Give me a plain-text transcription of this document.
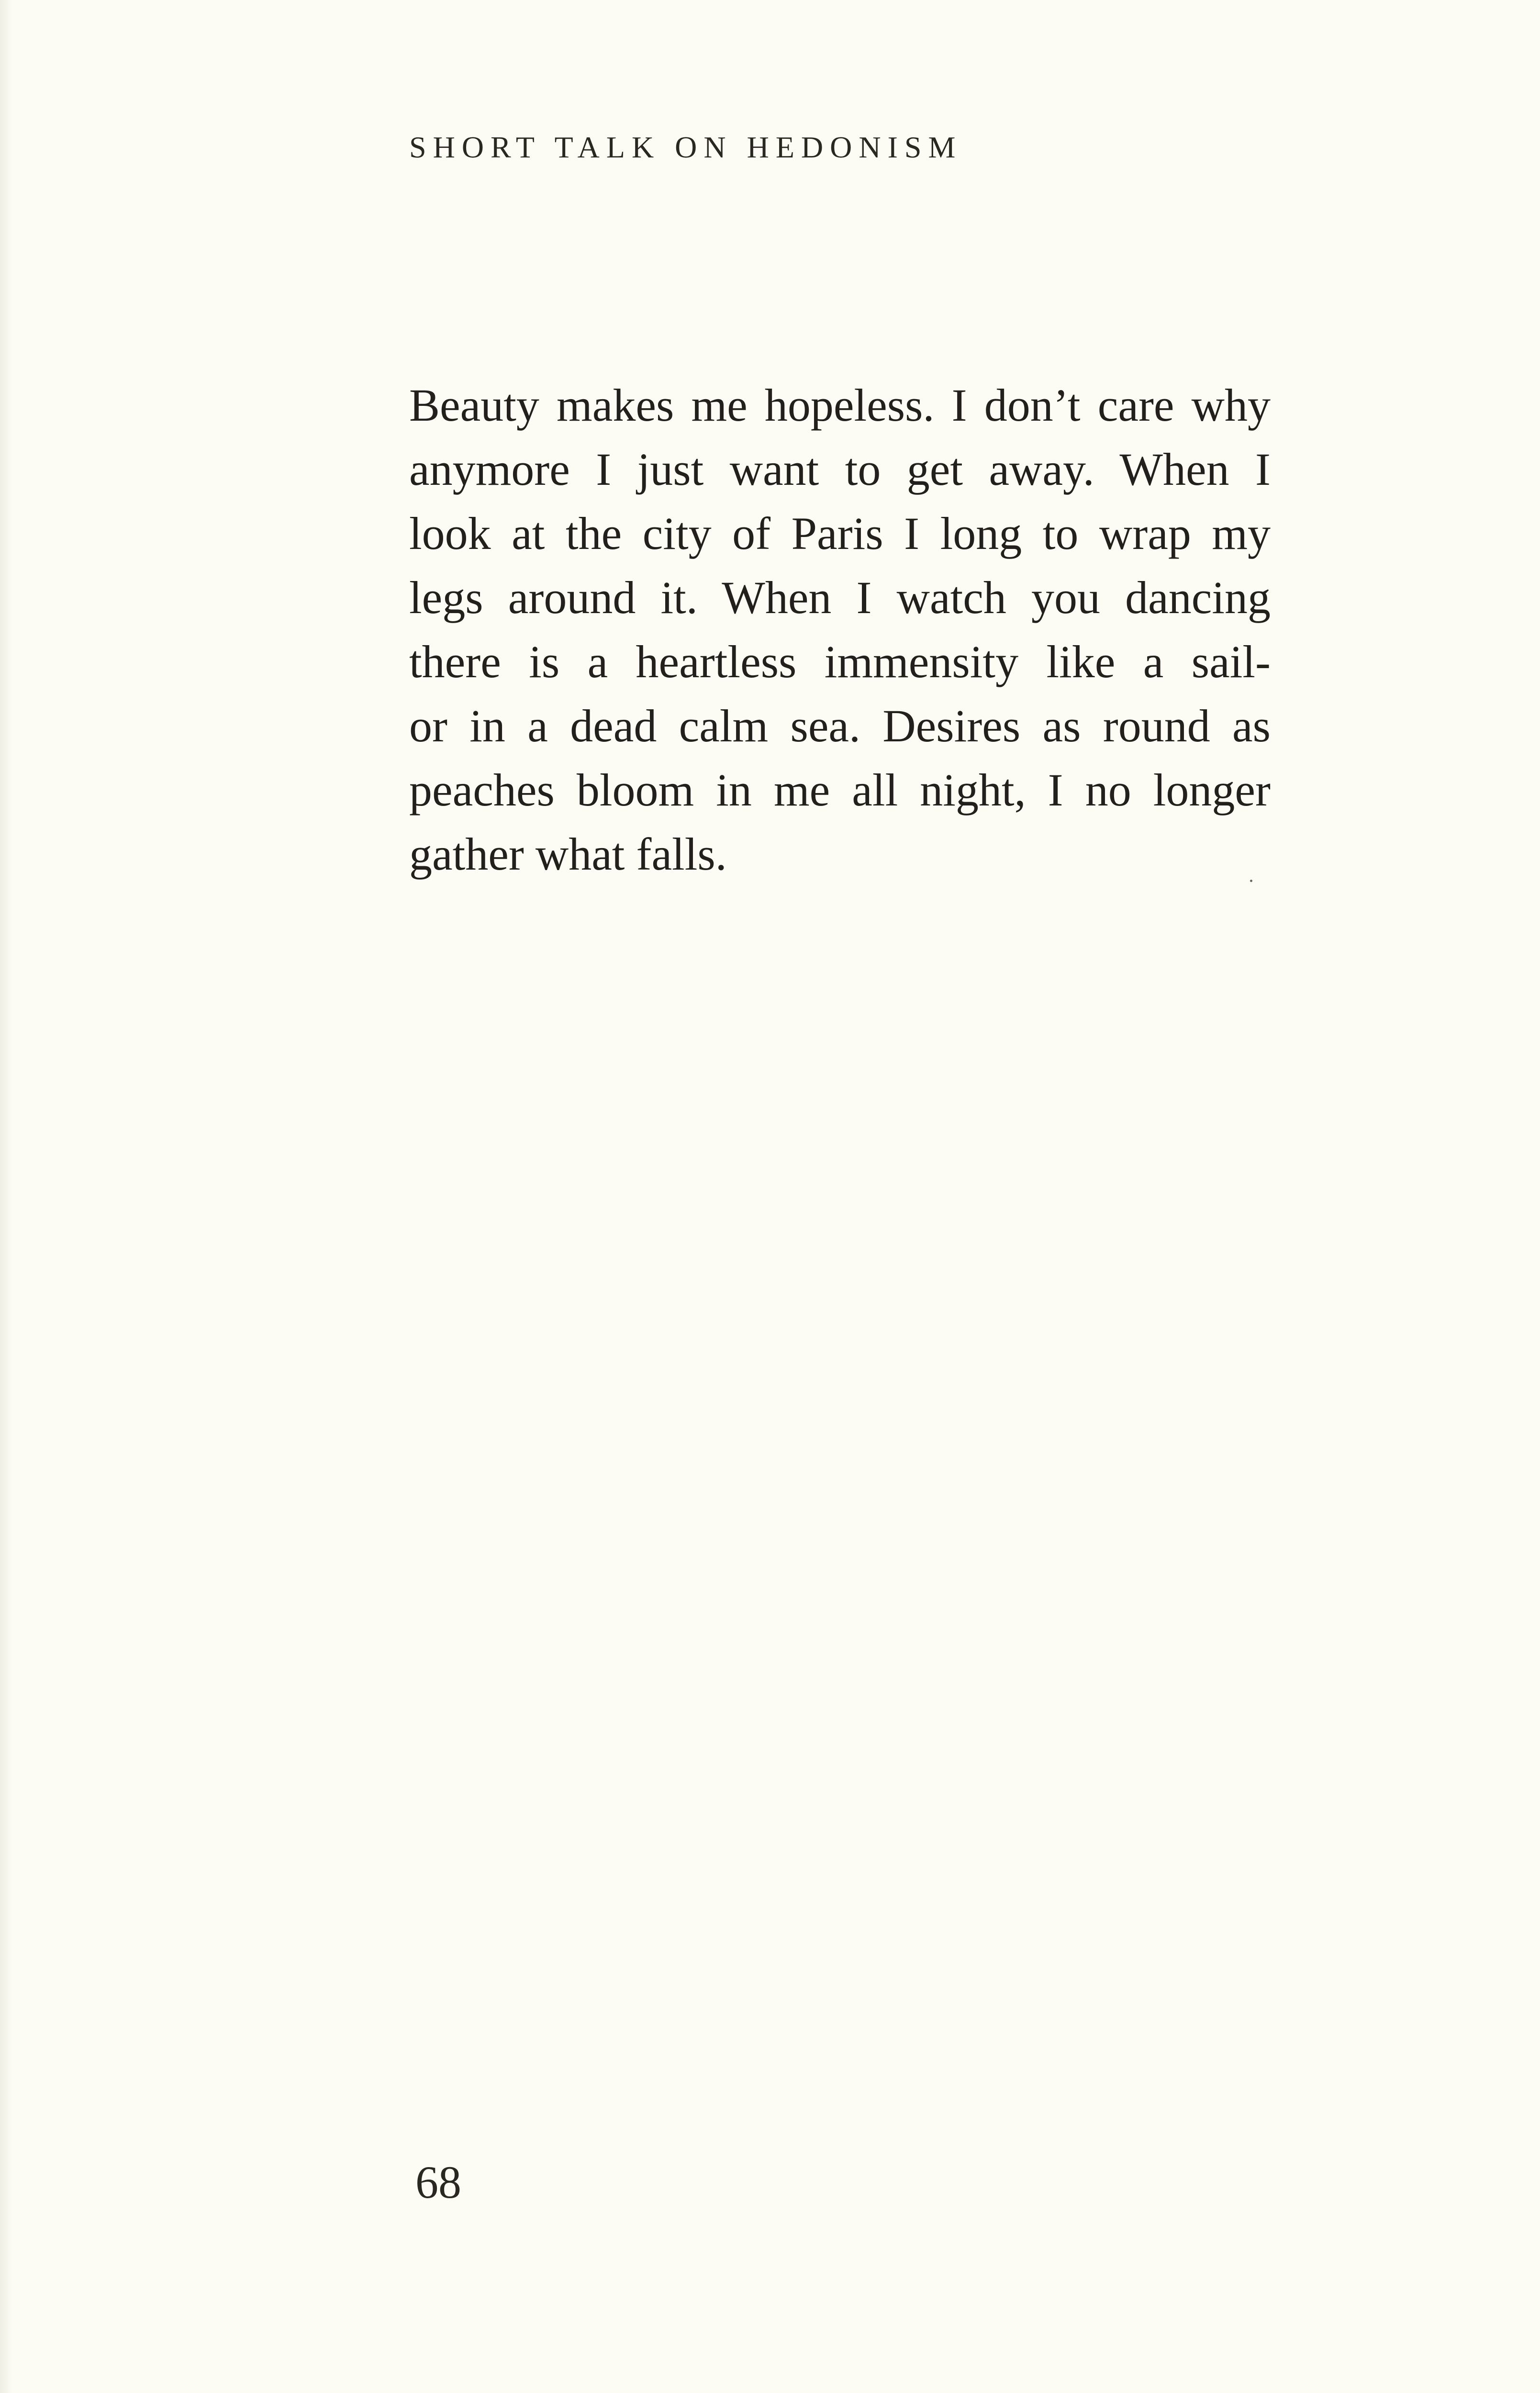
SHORT TALK ON HEDONISM
Beauty makes me hopeless. I don’t care why
anymore I just want to get away. When I
look at the city of Paris I long to wrap my
legs around it. When I watch you dancing
there is a heartless immensity like a sail-
or in a dead calm sea. Desires as round as
peaches bloom in me all night, I no longer
gather what falls.
68
